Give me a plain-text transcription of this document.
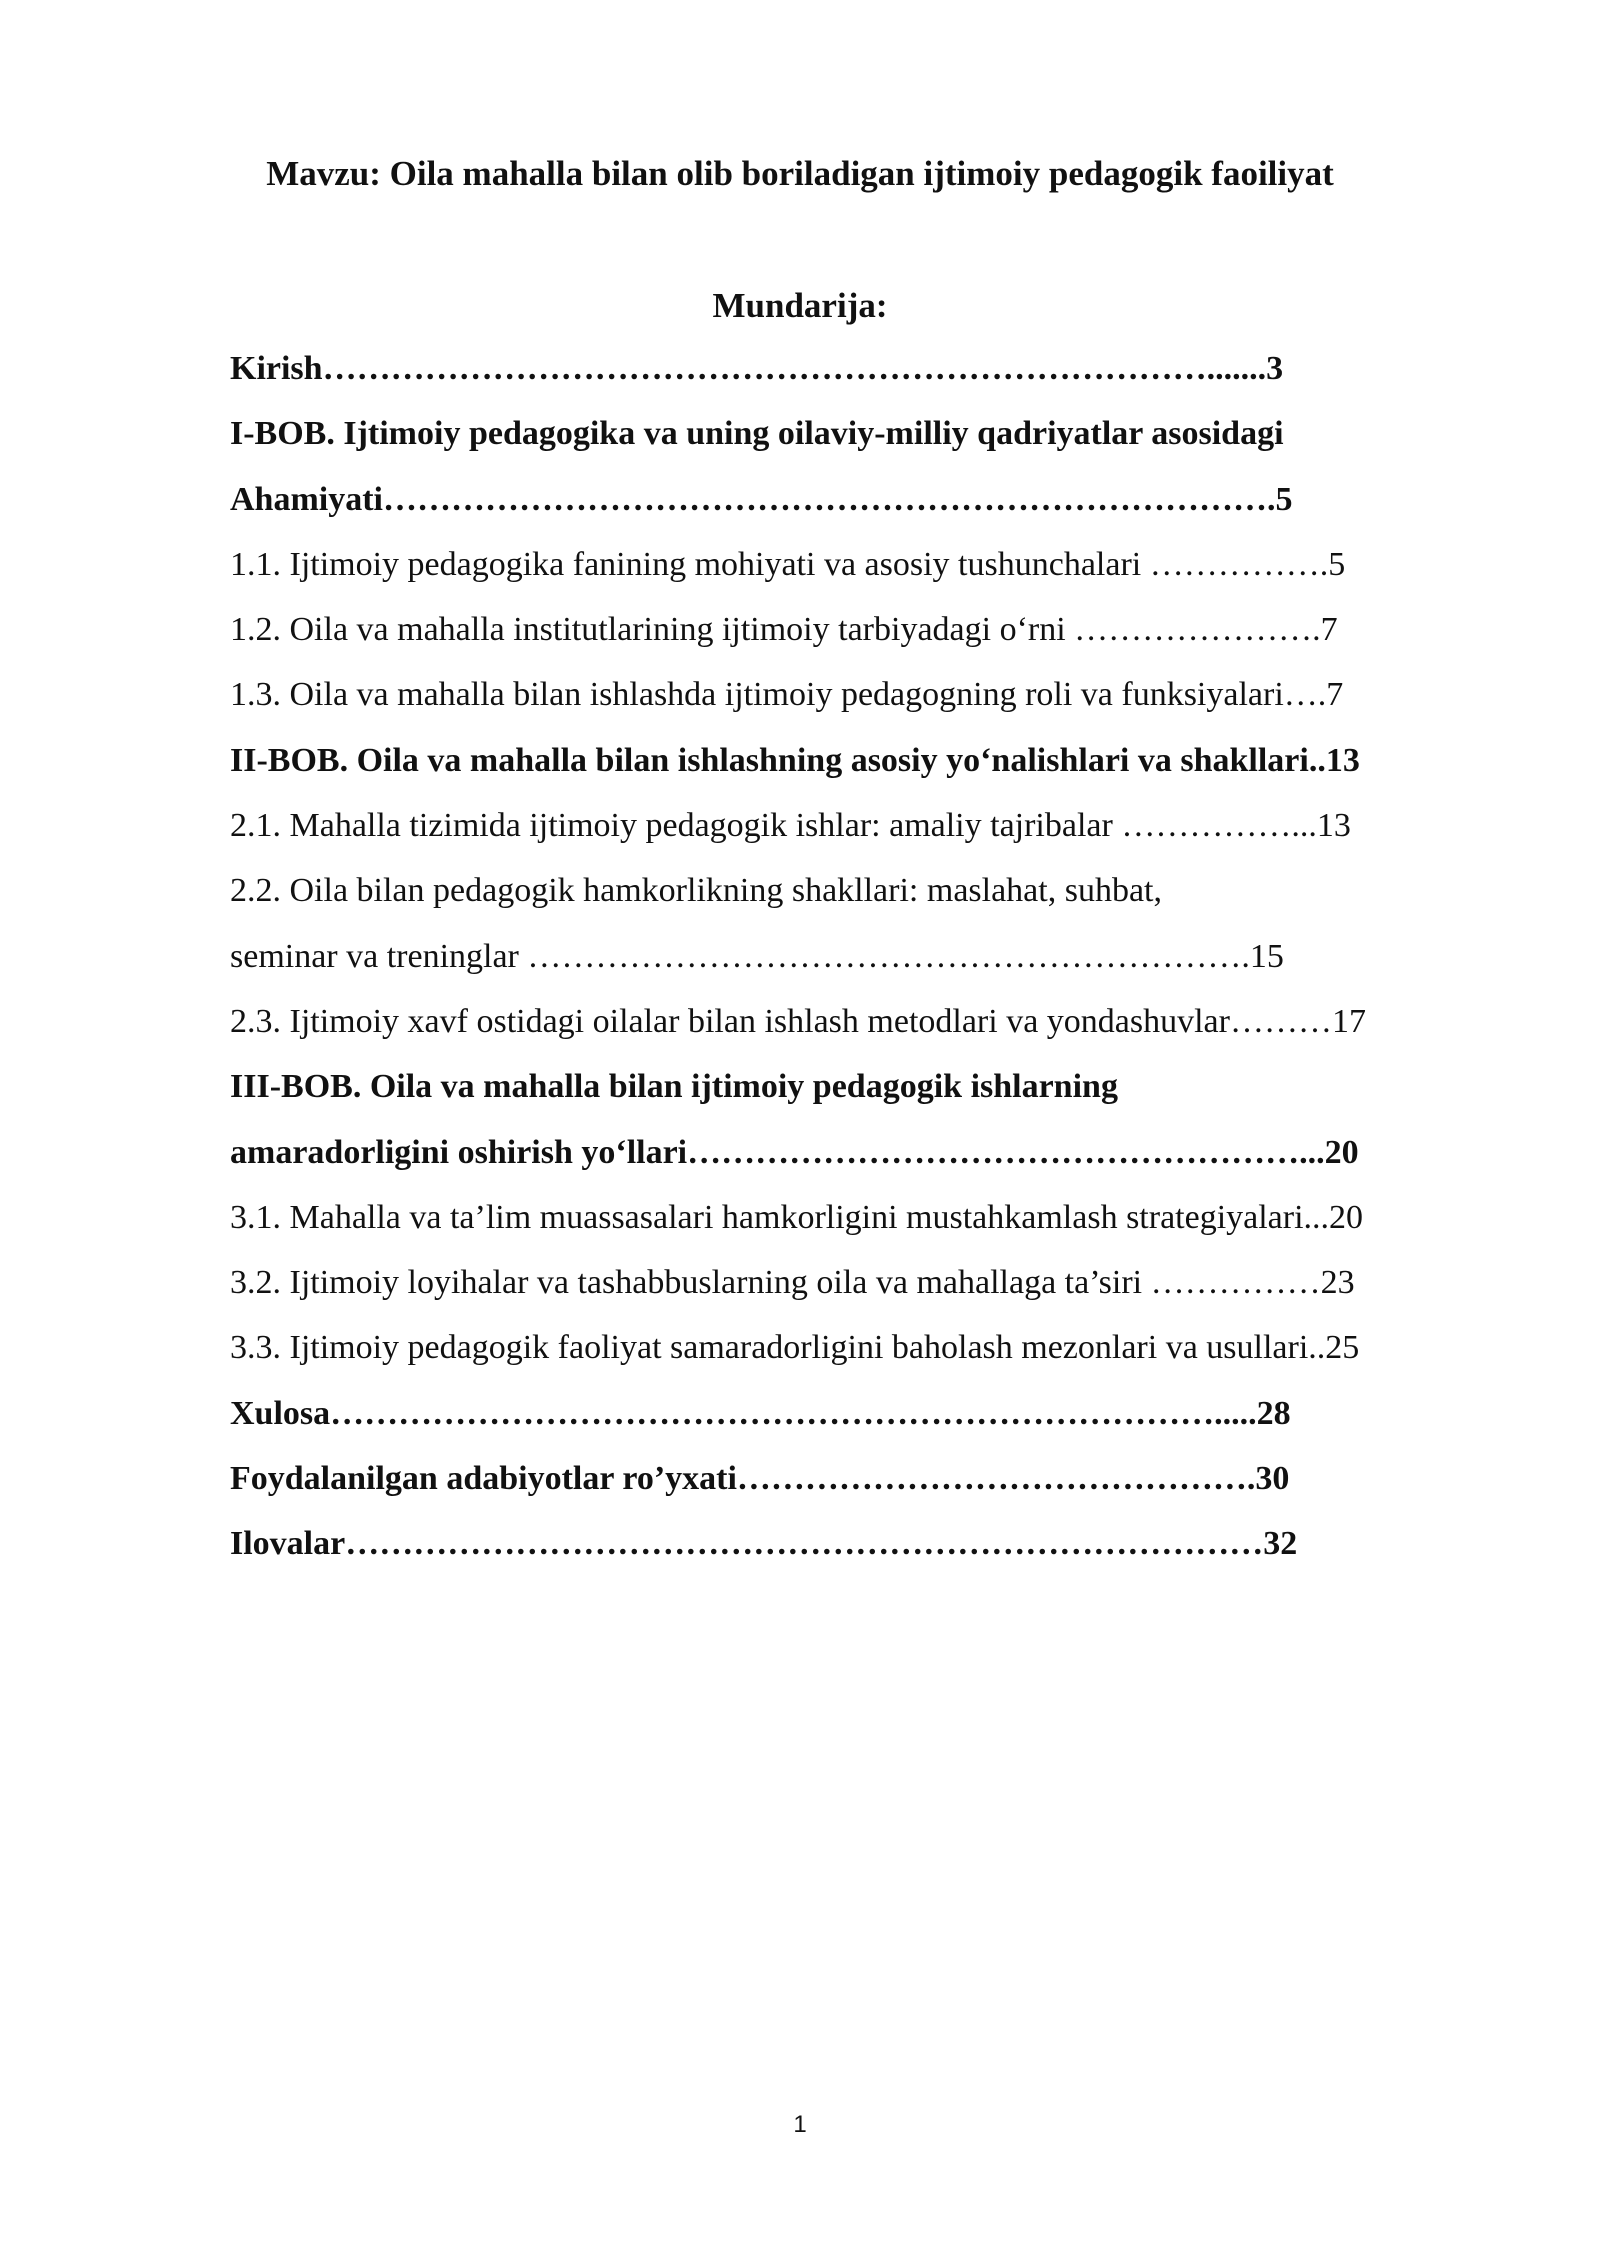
Mavzu: Oila mahalla bilan olib boriladigan ijtimoiy pedagogik faoiliyat
Mundarija:
Kirish…………………………………………………………………….......3
I-BOB. Ijtimoiy pedagogika va uning oilaviy-milliy qadriyatlar asosidagi
Ahamiyati…………………………………………………………………….5
1.1. Ijtimoiy pedagogika fanining mohiyati va asosiy tushunchalari …………….5
1.2. Oila va mahalla institutlarining ijtimoiy tarbiyadagi o‘rni ………………….7
1.3. Oila va mahalla bilan ishlashda ijtimoiy pedagogning roli va funksiyalari….7
II-BOB. Oila va mahalla bilan ishlashning asosiy yo‘nalishlari va shakllari..13
2.1. Mahalla tizimida ijtimoiy pedagogik ishlar: amaliy tajribalar ……………...13
2.2. Oila bilan pedagogik hamkorlikning shakllari: maslahat, suhbat,
seminar va treninglar ……………………………………………………….15
2.3. Ijtimoiy xavf ostidagi oilalar bilan ishlash metodlari va yondashuvlar………17
III-BOB. Oila va mahalla bilan ijtimoiy pedagogik ishlarning
amaradorligini oshirish yo‘llari………………………………………………...20
3.1. Mahalla va ta’lim muassasalari hamkorligini mustahkamlash strategiyalari...20
3.2. Ijtimoiy loyihalar va tashabbuslarning oila va mahallaga ta’siri ……………23
3.3. Ijtimoiy pedagogik faoliyat samaradorligini baholash mezonlari va usullari..25
Xulosa…………………………………………………………………….....28
Foydalanilgan adabiyotlar ro’yxati……………………………………….30
Ilovalar………………………………………………………………………32
1
